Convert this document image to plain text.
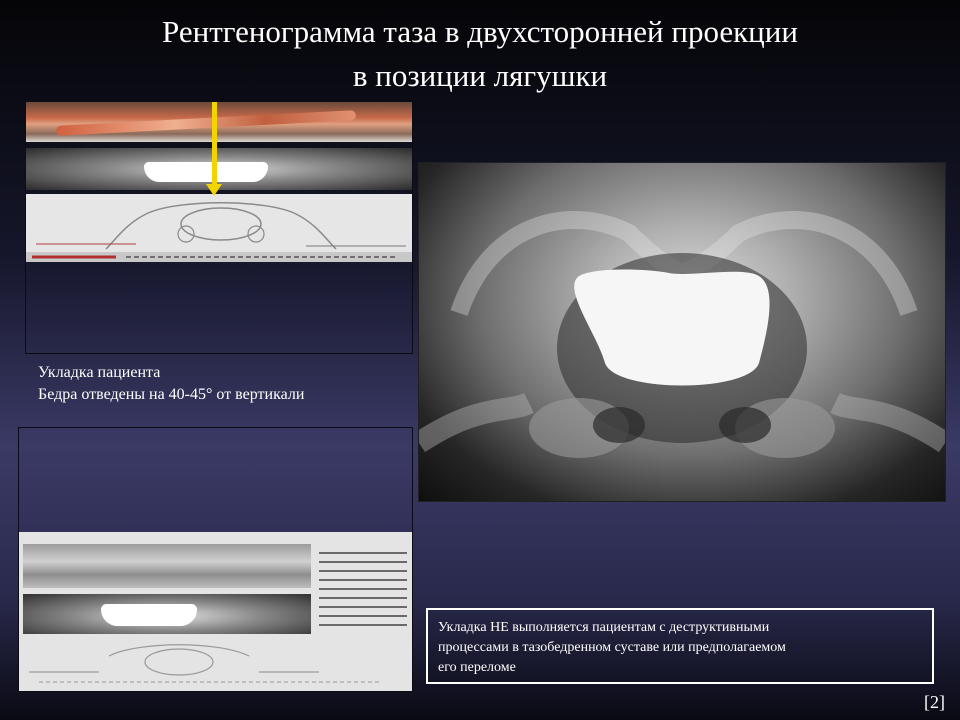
Рентгенограмма таза в двухсторонней проекции
в позиции лягушки
Укладка пациента
Бедра отведены на 40-45° от вертикали
Укладка НЕ выполняется пациентам с деструктивными
процессами в тазобедренном суставе или предполагаемом
его переломе
[2]
